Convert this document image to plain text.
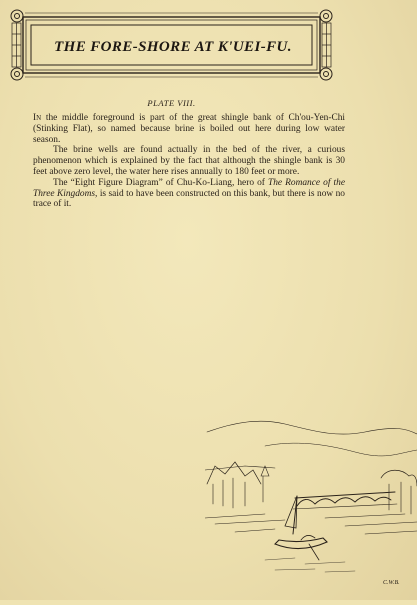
THE FORE-SHORE AT K'UEI-FU.
PLATE VIII.

In the middle foreground is part of the great shingle bank of Ch'ou-Yen-Chi (Stinking Flat), so named because brine is boiled out here during low water season.

The brine wells are found actually in the bed of the river, a curious phenomenon which is explained by the fact that although the shingle bank is 30 feet above zero level, the water here rises annually to 180 feet or more.

The “Eight Figure Diagram” of Chu-Ko-Liang, hero of The Romance of the Three Kingdoms, is said to have been constructed on this bank, but there is now no trace of it.

C.W.B.
